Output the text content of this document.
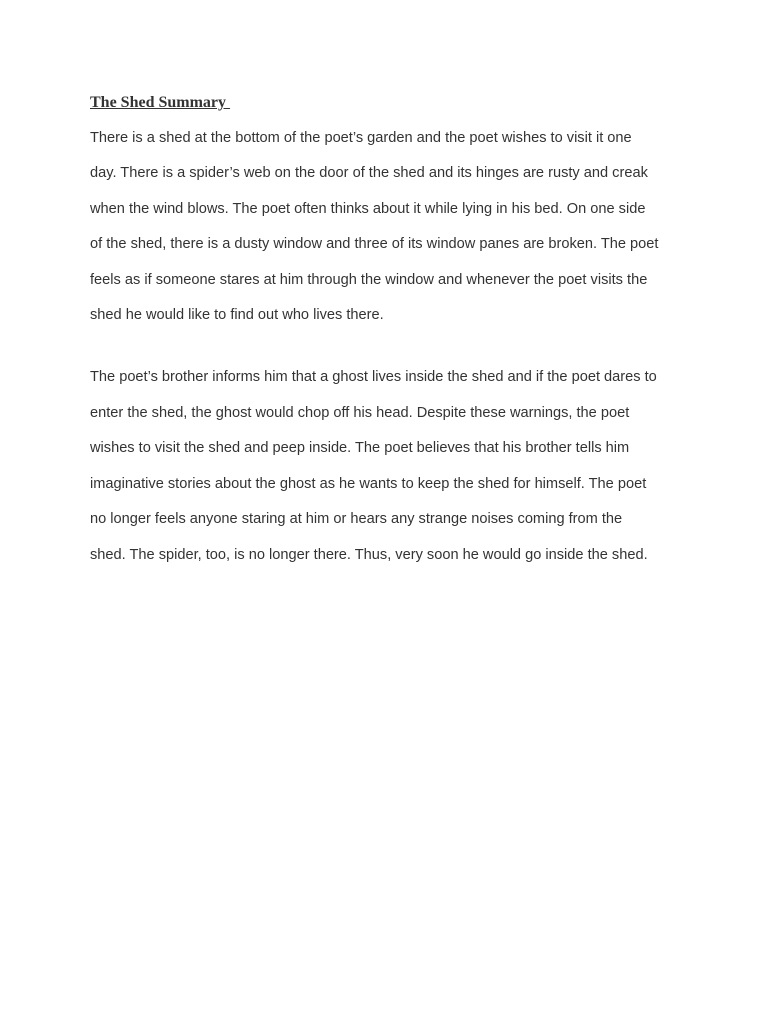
The Shed Summary

There is a shed at the bottom of the poet’s garden and the poet wishes to visit it one
day. There is a spider’s web on the door of the shed and its hinges are rusty and creak
when the wind blows. The poet often thinks about it while lying in his bed. On one side
of the shed, there is a dusty window and three of its window panes are broken. The poet
feels as if someone stares at him through the window and whenever the poet visits the
shed he would like to find out who lives there.

The poet’s brother informs him that a ghost lives inside the shed and if the poet dares to
enter the shed, the ghost would chop off his head. Despite these warnings, the poet
wishes to visit the shed and peep inside. The poet believes that his brother tells him
imaginative stories about the ghost as he wants to keep the shed for himself. The poet
no longer feels anyone staring at him or hears any strange noises coming from the
shed. The spider, too, is no longer there. Thus, very soon he would go inside the shed.
